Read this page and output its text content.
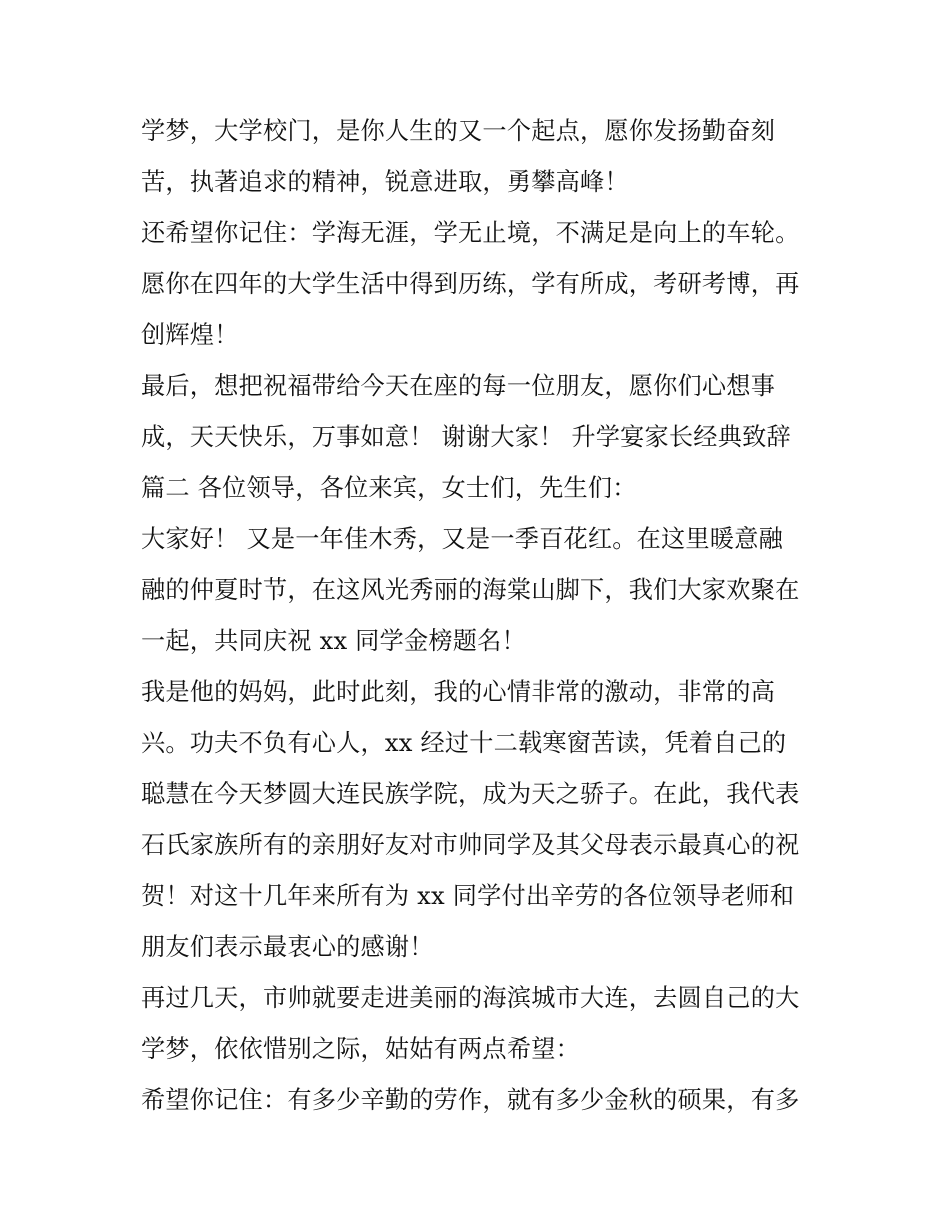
学梦，大学校门，是你人生的又一个起点，愿你发扬勤奋刻
苦，执著追求的精神，锐意进取，勇攀高峰！
还希望你记住：学海无涯，学无止境，不满足是向上的车轮。
愿你在四年的大学生活中得到历练，学有所成，考研考博，再
创辉煌！
最后，想把祝福带给今天在座的每一位朋友，愿你们心想事
成，天天快乐，万事如意！ 谢谢大家！ 升学宴家长经典致辞
篇二 各位领导，各位来宾，女士们，先生们：
大家好！ 又是一年佳木秀，又是一季百花红。在这里暖意融
融的仲夏时节，在这风光秀丽的海棠山脚下，我们大家欢聚在
一起，共同庆祝 xx 同学金榜题名！
我是他的妈妈，此时此刻，我的心情非常的激动，非常的高
兴。功夫不负有心人，xx 经过十二载寒窗苦读，凭着自己的
聪慧在今天梦圆大连民族学院，成为天之骄子。在此，我代表
石氏家族所有的亲朋好友对市帅同学及其父母表示最真心的祝
贺！对这十几年来所有为 xx 同学付出辛劳的各位领导老师和
朋友们表示最衷心的感谢！
再过几天，市帅就要走进美丽的海滨城市大连，去圆自己的大
学梦，依依惜别之际，姑姑有两点希望：
希望你记住：有多少辛勤的劳作，就有多少金秋的硕果，有多
